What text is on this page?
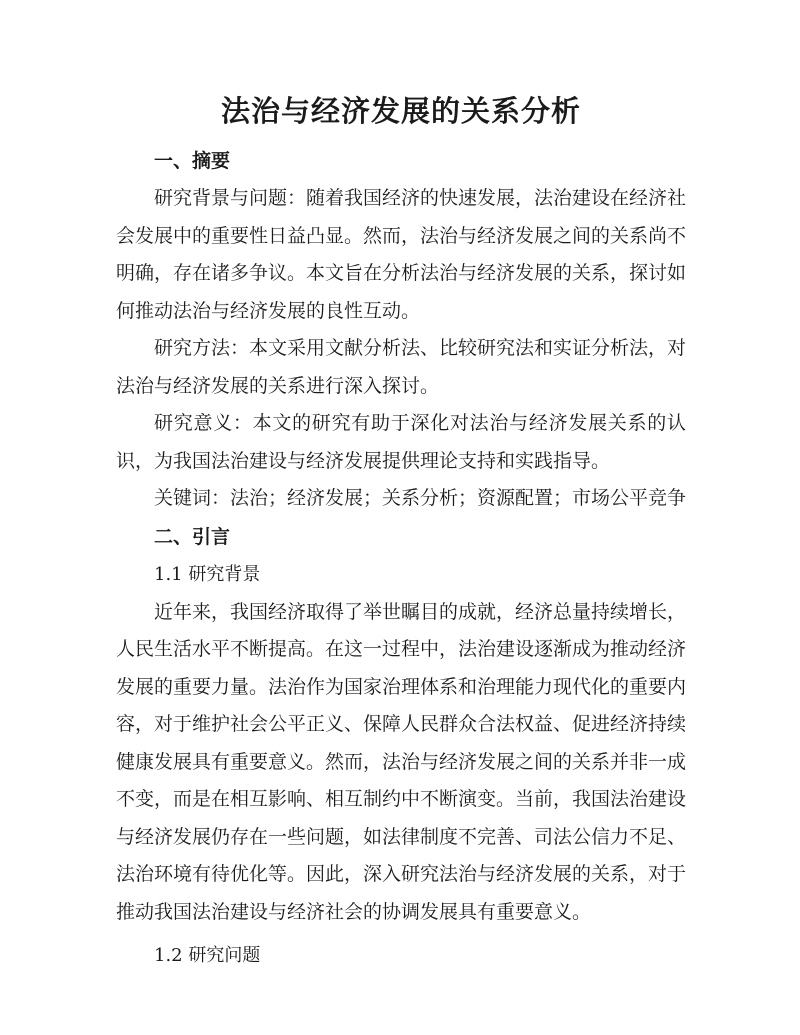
法治与经济发展的关系分析
一、摘要

研究背景与问题：随着我国经济的快速发展，法治建设在经济社会发展中的重要性日益凸显。然而，法治与经济发展之间的关系尚不明确，存在诸多争议。本文旨在分析法治与经济发展的关系，探讨如何推动法治与经济发展的良性互动。

研究方法：本文采用文献分析法、比较研究法和实证分析法，对法治与经济发展的关系进行深入探讨。

研究意义：本文的研究有助于深化对法治与经济发展关系的认识，为我国法治建设与经济发展提供理论支持和实践指导。

关键词：法治；经济发展；关系分析；资源配置；市场公平竞争

二、引言
1.1 研究背景

近年来，我国经济取得了举世瞩目的成就，经济总量持续增长，人民生活水平不断提高。在这一过程中，法治建设逐渐成为推动经济发展的重要力量。法治作为国家治理体系和治理能力现代化的重要内容，对于维护社会公平正义、保障人民群众合法权益、促进经济持续健康发展具有重要意义。然而，法治与经济发展之间的关系并非一成不变，而是在相互影响、相互制约中不断演变。当前，我国法治建设与经济发展仍存在一些问题，如法律制度不完善、司法公信力不足、法治环境有待优化等。因此，深入研究法治与经济发展的关系，对于推动我国法治建设与经济社会的协调发展具有重要意义。

1.2 研究问题
